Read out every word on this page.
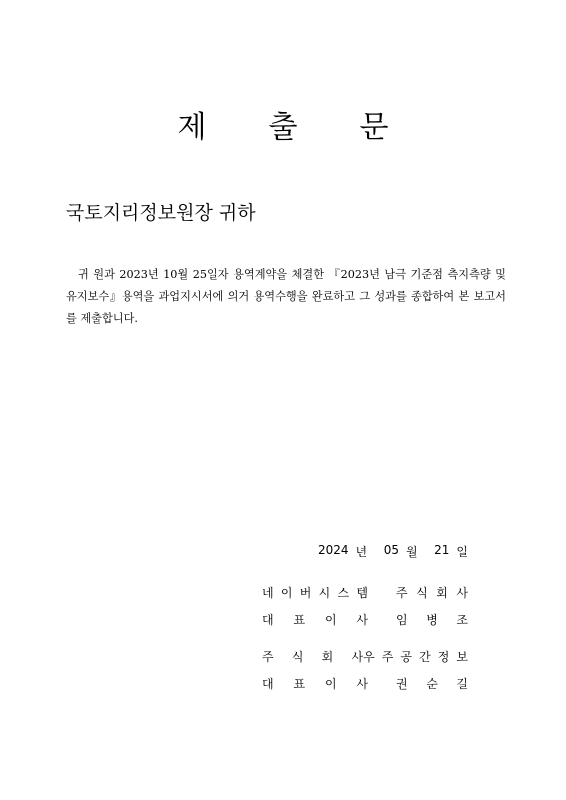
제 출 문
국토지리정보원장 귀하
귀 원과 2023년 10월 25일자 용역계약을 체결한 『2023년 남극 기준점 측지측량 및 유지보수』용역을 과업지시서에 의거 용역수행을 완료하고 그 성과를 종합하여 본 보고서를 제출합니다.
2024 년 05 월 21 일
네 이 버 시 스 템 주 식 회 사
대 표 이 사 임 병 조
주 식 회 사 우 주 공 간 정 보
대 표 이 사 권 순 길
